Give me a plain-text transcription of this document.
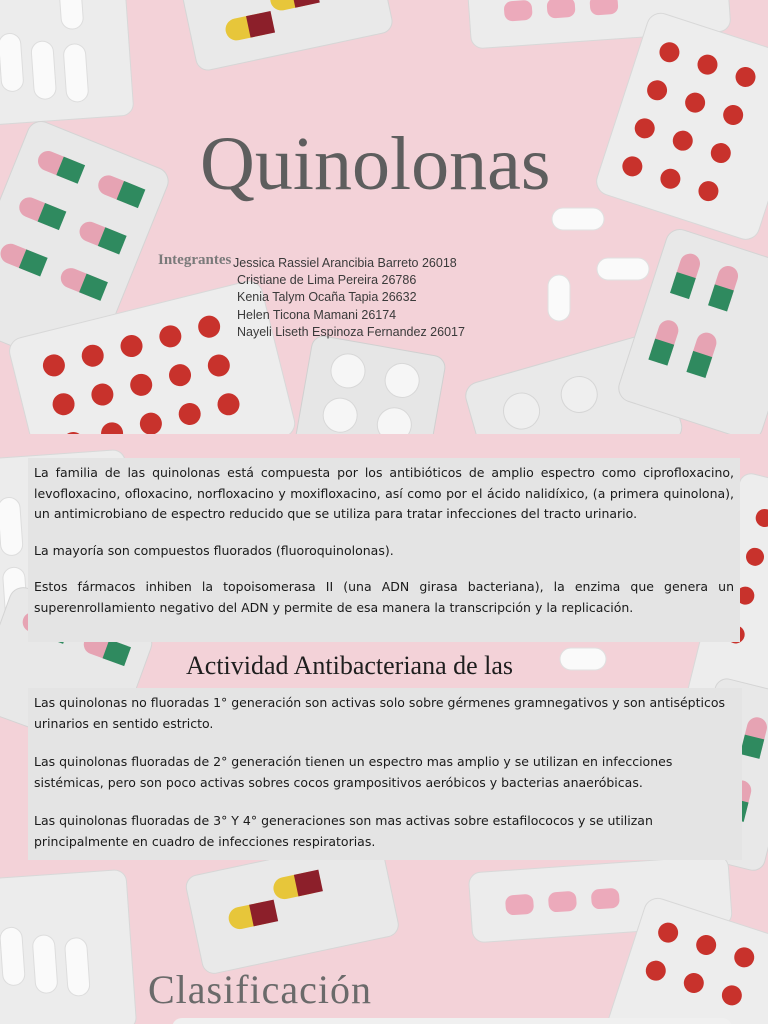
Quinolonas
Integrantes Jessica Rassiel Arancibia Barreto 26018
Cristiane de Lima Pereira 26786
Kenia Talym Ocaña Tapia 26632
Helen Ticona Mamani 26174
Nayeli Liseth Espinoza Fernandez 26017

La familia de las quinolonas está compuesta por los antibióticos de amplio espectro como ciprofloxacino, levofloxacino, ofloxacino, norfloxacino y moxifloxacino, así como por el ácido nalidíxico, (a primera quinolona), un antimicrobiano de espectro reducido que se utiliza para tratar infecciones del tracto urinario.

La mayoría son compuestos fluorados (fluoroquinolonas).

Estos fármacos inhiben la topoisomerasa II (una ADN girasa bacteriana), la enzima que genera un superenrollamiento negativo del ADN y permite de esa manera la transcripción y la replicación.

Actividad Antibacteriana de las

Las quinolonas no fluoradas 1° generación son activas solo sobre gérmenes gramnegativos y son antisépticos urinarios en sentido estricto.

Las quinolonas fluoradas de 2° generación tienen un espectro mas amplio y se utilizan en infecciones sistémicas, pero son poco activas sobres cocos grampositivos aeróbicos y bacterias anaeróbicas.

Las quinolonas fluoradas de 3° Y 4° generaciones son mas activas sobre estafilococos y se utilizan principalmente en cuadro de infecciones respiratorias.

Clasificación
